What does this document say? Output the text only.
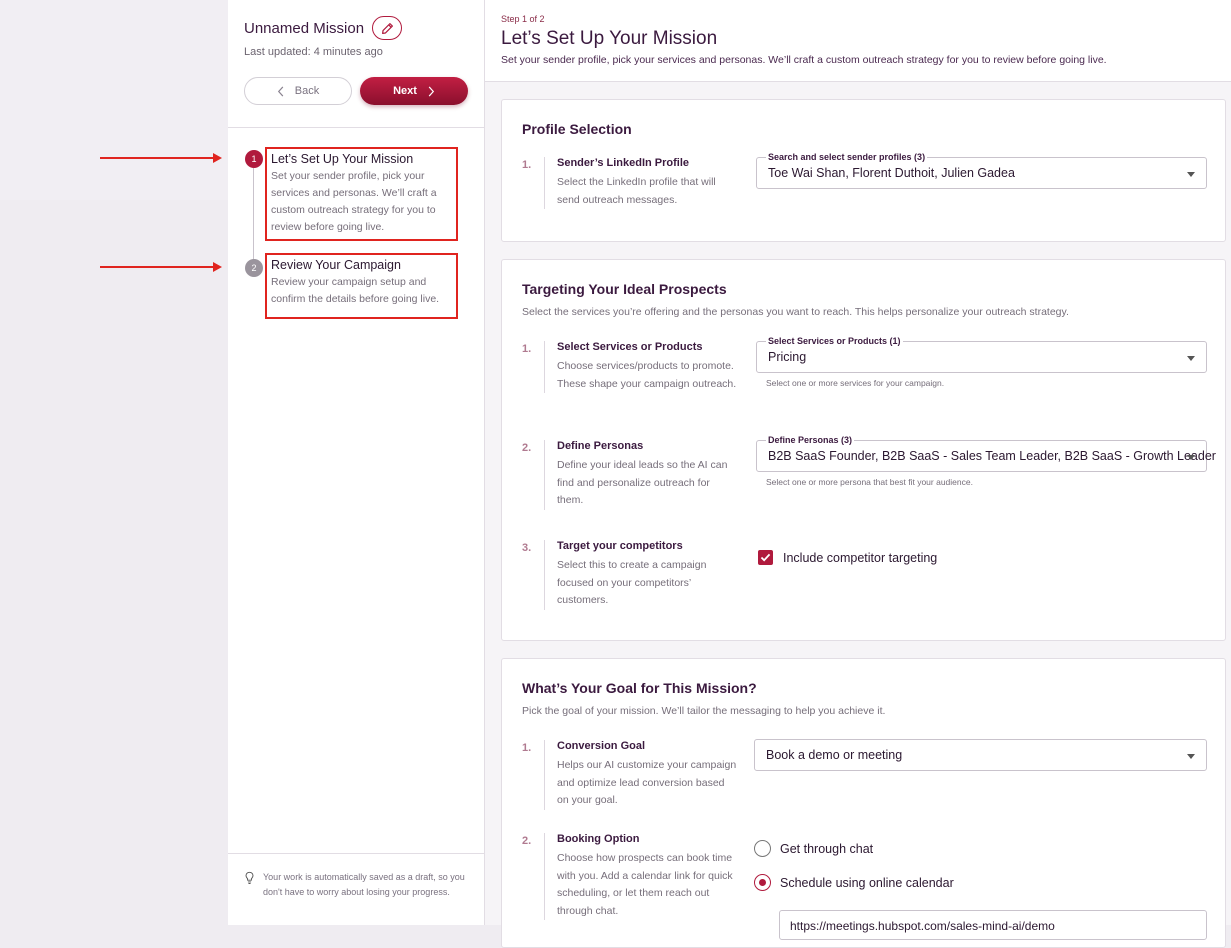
Unnamed Mission
Last updated: 4 minutes ago
Back	Next
1	Let’s Set Up Your Mission
Set your sender profile, pick your services and personas. We’ll craft a custom outreach strategy for you to review before going live.
2	Review Your Campaign
Review your campaign setup and confirm the details before going live.
Your work is automatically saved as a draft, so you don't have to worry about losing your progress.
Step 1 of 2
Let’s Set Up Your Mission
Set your sender profile, pick your services and personas. We’ll craft a custom outreach strategy for you to review before going live.
Profile Selection
1. Sender’s LinkedIn Profile
Select the LinkedIn profile that will send outreach messages.
Search and select sender profiles (3)
Toe Wai Shan, Florent Duthoit, Julien Gadea
Targeting Your Ideal Prospects
Select the services you’re offering and the personas you want to reach. This helps personalize your outreach strategy.
1. Select Services or Products
Choose services/products to promote. These shape your campaign outreach.
Select Services or Products (1)
Pricing
Select one or more services for your campaign.
2. Define Personas
Define your ideal leads so the AI can find and personalize outreach for them.
Define Personas (3)
B2B SaaS Founder, B2B SaaS - Sales Team Leader, B2B SaaS - Growth Leader
Select one or more persona that best fit your audience.
3. Target your competitors
Select this to create a campaign focused on your competitors’ customers.
Include competitor targeting
What’s Your Goal for This Mission?
Pick the goal of your mission. We’ll tailor the messaging to help you achieve it.
1. Conversion Goal
Helps our AI customize your campaign and optimize lead conversion based on your goal.
Book a demo or meeting
2. Booking Option
Choose how prospects can book time with you. Add a calendar link for quick scheduling, or let them reach out through chat.
Get through chat
Schedule using online calendar
https://meetings.hubspot.com/sales-mind-ai/demo
